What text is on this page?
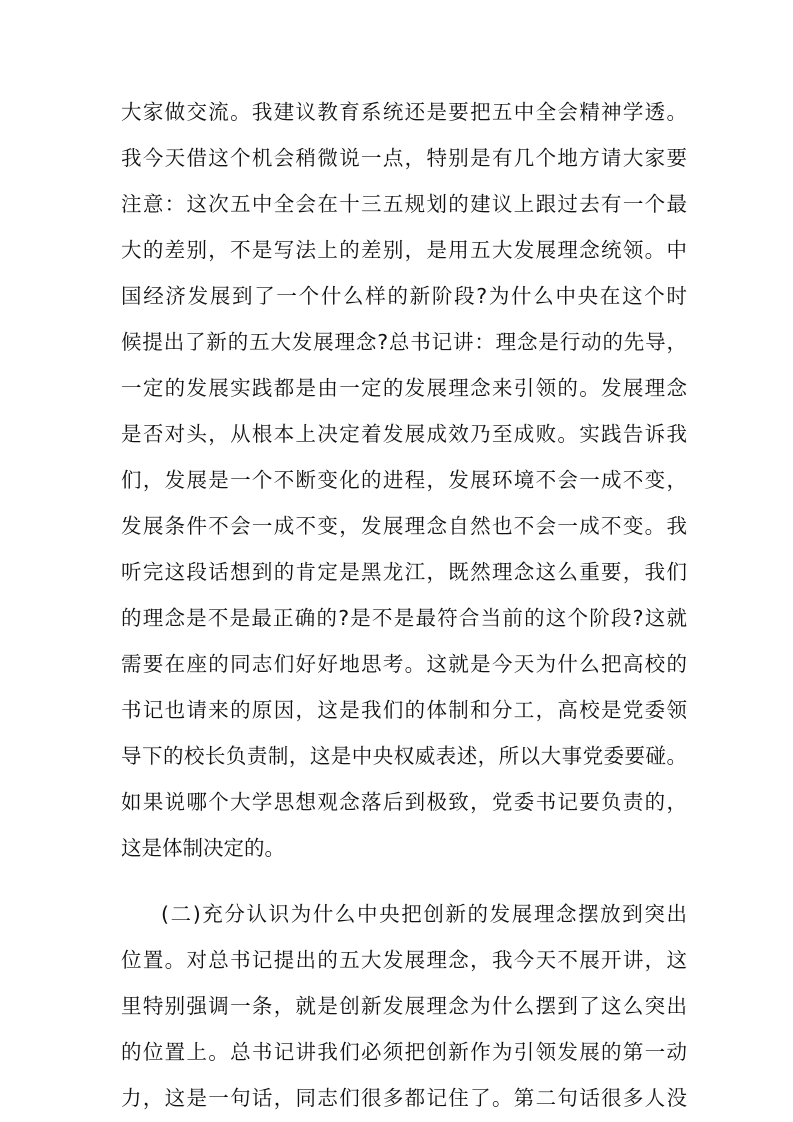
大家做交流。我建议教育系统还是要把五中全会精神学透。
我今天借这个机会稍微说一点，特别是有几个地方请大家要
注意：这次五中全会在十三五规划的建议上跟过去有一个最
大的差别，不是写法上的差别，是用五大发展理念统领。中
国经济发展到了一个什么样的新阶段?为什么中央在这个时
候提出了新的五大发展理念?总书记讲：理念是行动的先导，
一定的发展实践都是由一定的发展理念来引领的。发展理念
是否对头，从根本上决定着发展成效乃至成败。实践告诉我
们，发展是一个不断变化的进程，发展环境不会一成不变，
发展条件不会一成不变，发展理念自然也不会一成不变。我
听完这段话想到的肯定是黑龙江，既然理念这么重要，我们
的理念是不是最正确的?是不是最符合当前的这个阶段?这就
需要在座的同志们好好地思考。这就是今天为什么把高校的
书记也请来的原因，这是我们的体制和分工，高校是党委领
导下的校长负责制，这是中央权威表述，所以大事党委要碰。
如果说哪个大学思想观念落后到极致，党委书记要负责的，
这是体制决定的。
(二)充分认识为什么中央把创新的发展理念摆放到突出
位置。对总书记提出的五大发展理念，我今天不展开讲，这
里特别强调一条，就是创新发展理念为什么摆到了这么突出
的位置上。总书记讲我们必须把创新作为引领发展的第一动
力，这是一句话，同志们很多都记住了。第二句话很多人没
